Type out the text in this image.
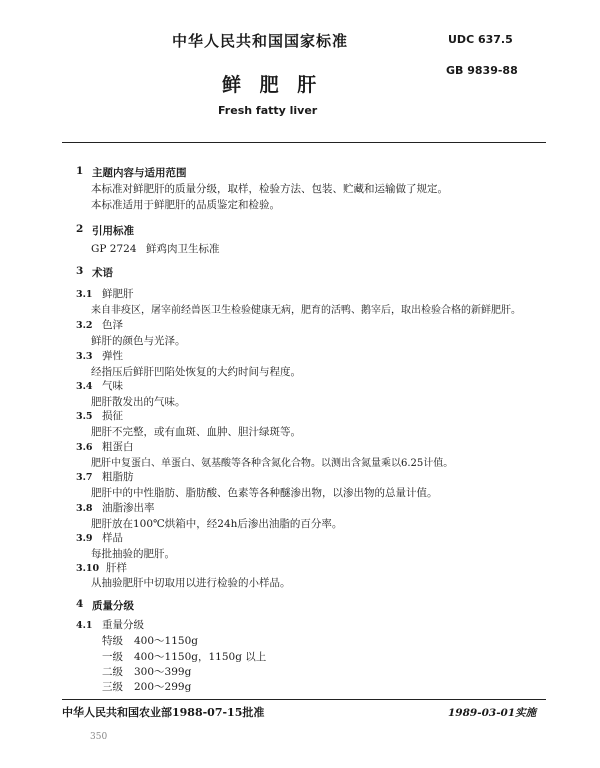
中华人民共和国国家标准	UDC 637.5
GB 9839-88
鲜 肥 肝
Fresh fatty liver
1 主题内容与适用范围
本标准对鲜肥肝的质量分级，取样，检验方法、包装、贮藏和运输做了规定。
本标准适用于鲜肥肝的品质鉴定和检验。
2 引用标准
GP 2724 鲜鸡肉卫生标准
3 术语
3.1 鲜肥肝
来自非疫区，屠宰前经兽医卫生检验健康无病，肥育的活鸭、鹅宰后，取出检验合格的新鲜肥肝。
3.2 色泽
鲜肝的颜色与光泽。
3.3 弹性
经指压后鲜肝凹陷处恢复的大约时间与程度。
3.4 气味
肥肝散发出的气味。
3.5 损征
肥肝不完整，或有血斑、血肿、胆汁绿斑等。
3.6 粗蛋白
肥肝中复蛋白、单蛋白、氨基酸等各种含氮化合物。以测出含氮量乘以6.25计值。
3.7 粗脂肪
肥肝中的中性脂肪、脂肪酸、色素等各种醚渗出物，以渗出物的总量计值。
3.8 油脂渗出率
肥肝放在100℃烘箱中，经24h后渗出油脂的百分率。
3.9 样品
每批抽验的肥肝。
3.10 肝样
从抽验肥肝中切取用以进行检验的小样品。
4 质量分级
4.1 重量分级
特级 400～1150g
一级 400～1150g，1150g 以上
二级 300～399g
三级 200～299g
中华人民共和国农业部1988-07-15批准	1989-03-01实施
350
